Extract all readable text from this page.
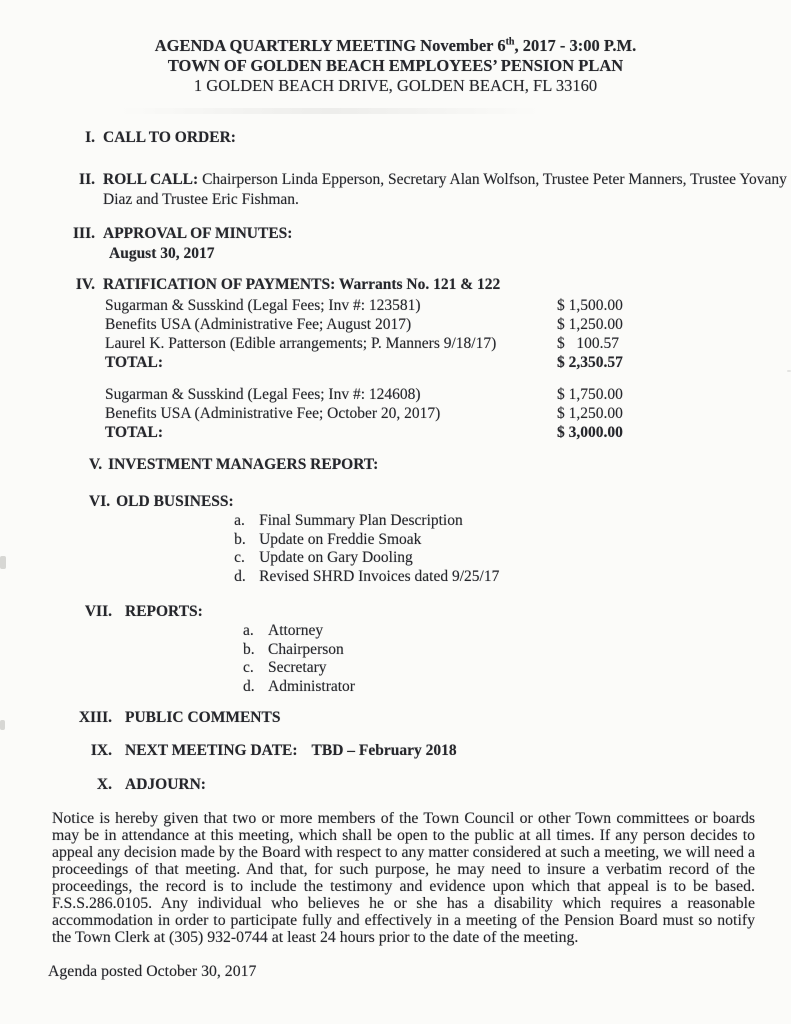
AGENDA QUARTERLY MEETING November 6th, 2017 - 3:00 P.M.
TOWN OF GOLDEN BEACH EMPLOYEES’ PENSION PLAN
1 GOLDEN BEACH DRIVE, GOLDEN BEACH, FL 33160
I. CALL TO ORDER:
II. ROLL CALL: Chairperson Linda Epperson, Secretary Alan Wolfson, Trustee Peter Manners, Trustee Yovany Diaz and Trustee Eric Fishman.
III. APPROVAL OF MINUTES:
August 30, 2017
IV. RATIFICATION OF PAYMENTS: Warrants No. 121 & 122
Sugarman & Susskind (Legal Fees; Inv #: 123581)	$ 1,500.00
Benefits USA (Administrative Fee; August 2017)	$ 1,250.00
Laurel K. Patterson (Edible arrangements; P. Manners 9/18/17)	$   100.57
TOTAL:	$ 2,350.57
Sugarman & Susskind (Legal Fees; Inv #: 124608)	$ 1,750.00
Benefits USA (Administrative Fee; October 20, 2017)	$ 1,250.00
TOTAL:	$ 3,000.00
V. INVESTMENT MANAGERS REPORT:
VI. OLD BUSINESS:
a. Final Summary Plan Description
b. Update on Freddie Smoak
c. Update on Gary Dooling
d. Revised SHRD Invoices dated 9/25/17
VII. REPORTS:
a. Attorney
b. Chairperson
c. Secretary
d. Administrator
XIII. PUBLIC COMMENTS
IX. NEXT MEETING DATE: TBD – February 2018
X. ADJOURN:
Notice is hereby given that two or more members of the Town Council or other Town committees or boards may be in attendance at this meeting, which shall be open to the public at all times. If any person decides to appeal any decision made by the Board with respect to any matter considered at such a meeting, we will need a proceedings of that meeting. And that, for such purpose, he may need to insure a verbatim record of the proceedings, the record is to include the testimony and evidence upon which that appeal is to be based. F.S.S.286.0105. Any individual who believes he or she has a disability which requires a reasonable accommodation in order to participate fully and effectively in a meeting of the Pension Board must so notify the Town Clerk at (305) 932-0744 at least 24 hours prior to the date of the meeting.
Agenda posted October 30, 2017
